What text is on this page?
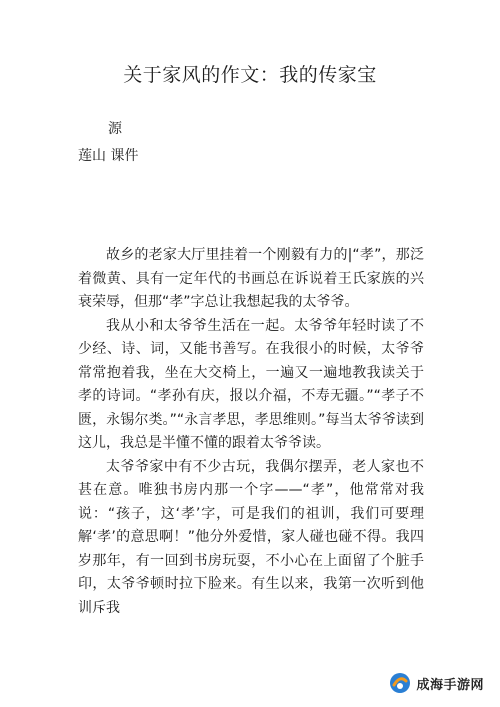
关于家风的作文：我的传家宝
源
莲山 课件

故乡的老家大厅里挂着一个刚毅有力的|“孝”，那泛着微黄、具有一定年代的书画总在诉说着王氏家族的兴衰荣辱，但那“孝”字总让我想起我的太爷爷。

我从小和太爷爷生活在一起。太爷爷年轻时读了不少经、诗、词，又能书善写。在我很小的时候，太爷爷常常抱着我，坐在大交椅上，一遍又一遍地教我读关于孝的诗词。“孝孙有庆，报以介福，不寿无疆。”“孝子不匮，永锡尔类。”“永言孝思，孝思维则。”每当太爷爷读到这儿，我总是半懂不懂的跟着太爷爷读。

太爷爷家中有不少古玩，我偶尔摆弄，老人家也不甚在意。唯独书房内那一个字——“孝”，他常常对我说：“孩子，这‘孝’字，可是我们的祖训，我们可要理解‘孝’的意思啊！”他分外爱惜，家人碰也碰不得。我四岁那年，有一回到书房玩耍，不小心在上面留了个脏手印，太爷爷顿时拉下脸来。有生以来，我第一次听到他训斥我

成海手游网
